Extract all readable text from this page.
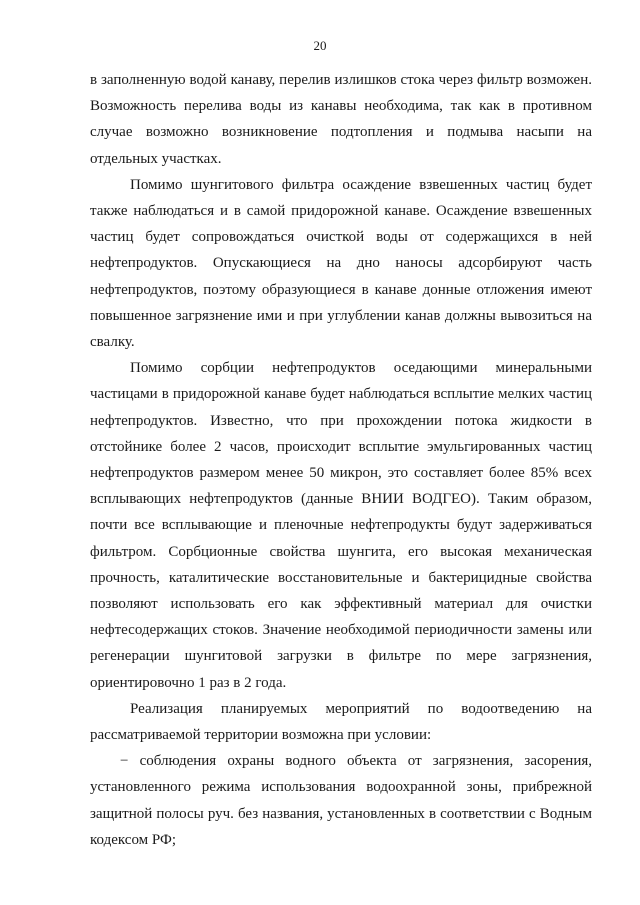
20

в заполненную водой канаву, перелив излишков стока через фильтр возможен. Возможность перелива воды из канавы необходима, так как в противном случае возможно возникновение подтопления и подмыва насыпи на отдельных участках.

Помимо шунгитового фильтра осаждение взвешенных частиц будет также наблюдаться и в самой придорожной канаве. Осаждение взвешенных частиц будет сопровождаться очисткой воды от содержащихся в ней нефтепродуктов. Опускающиеся на дно наносы адсорбируют часть нефтепродуктов, поэтому образующиеся в канаве донные отложения имеют повышенное загрязнение ими и при углублении канав должны вывозиться на свалку.

Помимо сорбции нефтепродуктов оседающими минеральными частицами в придорожной канаве будет наблюдаться всплытие мелких частиц нефтепродуктов. Известно, что при прохождении потока жидкости в отстойнике более 2 часов, происходит всплытие эмульгированных частиц нефтепродуктов размером менее 50 микрон, это составляет более 85% всех всплывающих нефтепродуктов (данные ВНИИ ВОДГЕО). Таким образом, почти все всплывающие и пленочные нефтепродукты будут задерживаться фильтром. Сорбционные свойства шунгита, его высокая механическая прочность, каталитические восстановительные и бактерицидные свойства позволяют использовать его как эффективный материал для очистки нефтесодержащих стоков. Значение необходимой периодичности замены или регенерации шунгитовой загрузки в фильтре по мере загрязнения, ориентировочно 1 раз в 2 года.

Реализация планируемых мероприятий по водоотведению на рассматриваемой территории возможна при условии:

− соблюдения охраны водного объекта от загрязнения, засорения, установленного режима использования водоохранной зоны, прибрежной защитной полосы руч. без названия, установленных в соответствии с Водным кодексом РФ;
